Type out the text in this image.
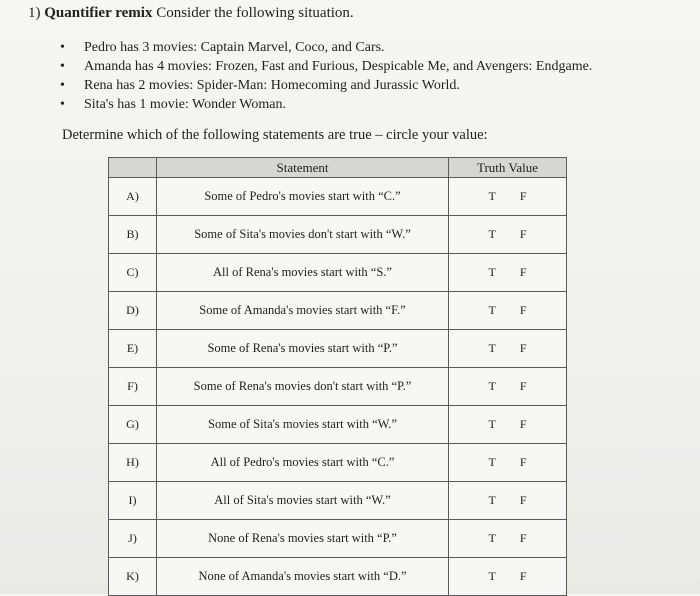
1) Quantifier remix Consider the following situation.
• Pedro has 3 movies: Captain Marvel, Coco, and Cars.
• Amanda has 4 movies: Frozen, Fast and Furious, Despicable Me, and Avengers: Endgame.
• Rena has 2 movies: Spider-Man: Homecoming and Jurassic World.
• Sita's has 1 movie: Wonder Woman.
Determine which of the following statements are true – circle your value:
	Statement	Truth Value
A)	Some of Pedro's movies start with “C.”	T F

B)	Some of Sita's movies don't start with “W.”	T F

C)	All of Rena's movies start with “S.”	T F

D)	Some of Amanda's movies start with “F.”	T F

E)	Some of Rena's movies start with “P.”	T F

F)	Some of Rena's movies don't start with “P.”	T F

G)	Some of Sita's movies start with “W.”	T F

H)	All of Pedro's movies start with “C.”	T F

I)	All of Sita's movies start with “W.”	T F

J)	None of Rena's movies start with “P.”	T F

K)	None of Amanda's movies start with “D.”	T F
